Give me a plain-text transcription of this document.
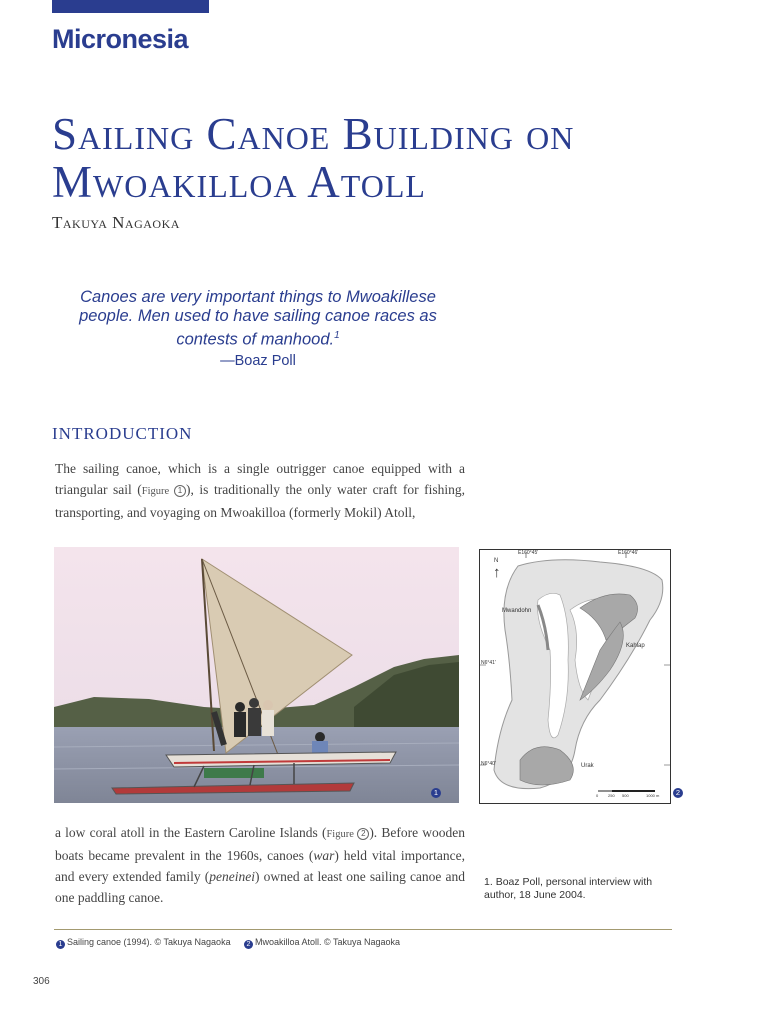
Micronesia
Sailing Canoe Building on Mwoakilloa Atoll
Takuya Nagaoka
Canoes are very important things to Mwoakillese people. Men used to have sailing canoe races as contests of manhood.$^1$
—Boaz Poll
INTRODUCTION
The sailing canoe, which is a single outrigger canoe equipped with a triangular sail (Figure 1 ), is traditionally the only water craft for fishing, transporting, and voyaging on Mwoakilloa (formerly Mokil) Atoll,
1
E160°45'	E160°46'
N6°41'
N6°40'
N
↑
Mwandohn
Kahlap
Urak
0 250 500	1000 m	2
a low coral atoll in the Eastern Caroline Islands (Figure 2 ). Before wooden boats became prevalent in the 1960s, canoes (war) held vital importance, and every extended family (peneinei) owned at least one sailing canoe and one paddling canoe.
1. Boaz Poll, personal interview with author, 18 June 2004.
1 Sailing canoe (1994). © Takuya Nagaoka	2 Mwoakilloa Atoll. © Takuya Nagaoka
306
